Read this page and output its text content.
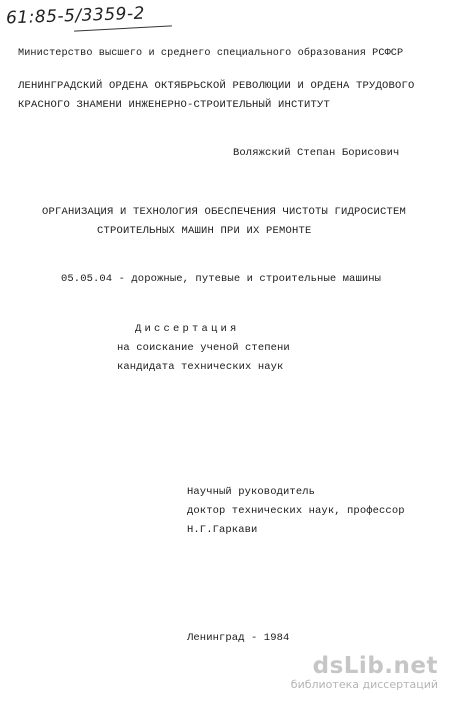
61:85-5/3359-2
Министерство высшего и среднего специального образования РСФСР
ЛЕНИНГРАДСКИЙ ОРДЕНА ОКТЯБРЬСКОЙ РЕВОЛЮЦИИ И ОРДЕНА ТРУДОВОГО
КРАСНОГО ЗНАМЕНИ ИНЖЕНЕРНО-СТРОИТЕЛЬНЫЙ ИНСТИТУТ
Воляжский Степан Борисович
ОРГАНИЗАЦИЯ И ТЕХНОЛОГИЯ ОБЕСПЕЧЕНИЯ ЧИСТОТЫ ГИДРОСИСТЕМ
СТРОИТЕЛЬНЫХ МАШИН ПРИ ИХ РЕМОНТЕ
05.05.04 - дорожные, путевые и строительные машины
Диссертация
на соискание ученой степени
кандидата технических наук
Научный руководитель
доктор технических наук, профессор
Н.Г.Гаркави
Ленинград - 1984
dsLib.net
библиотека диссертаций
